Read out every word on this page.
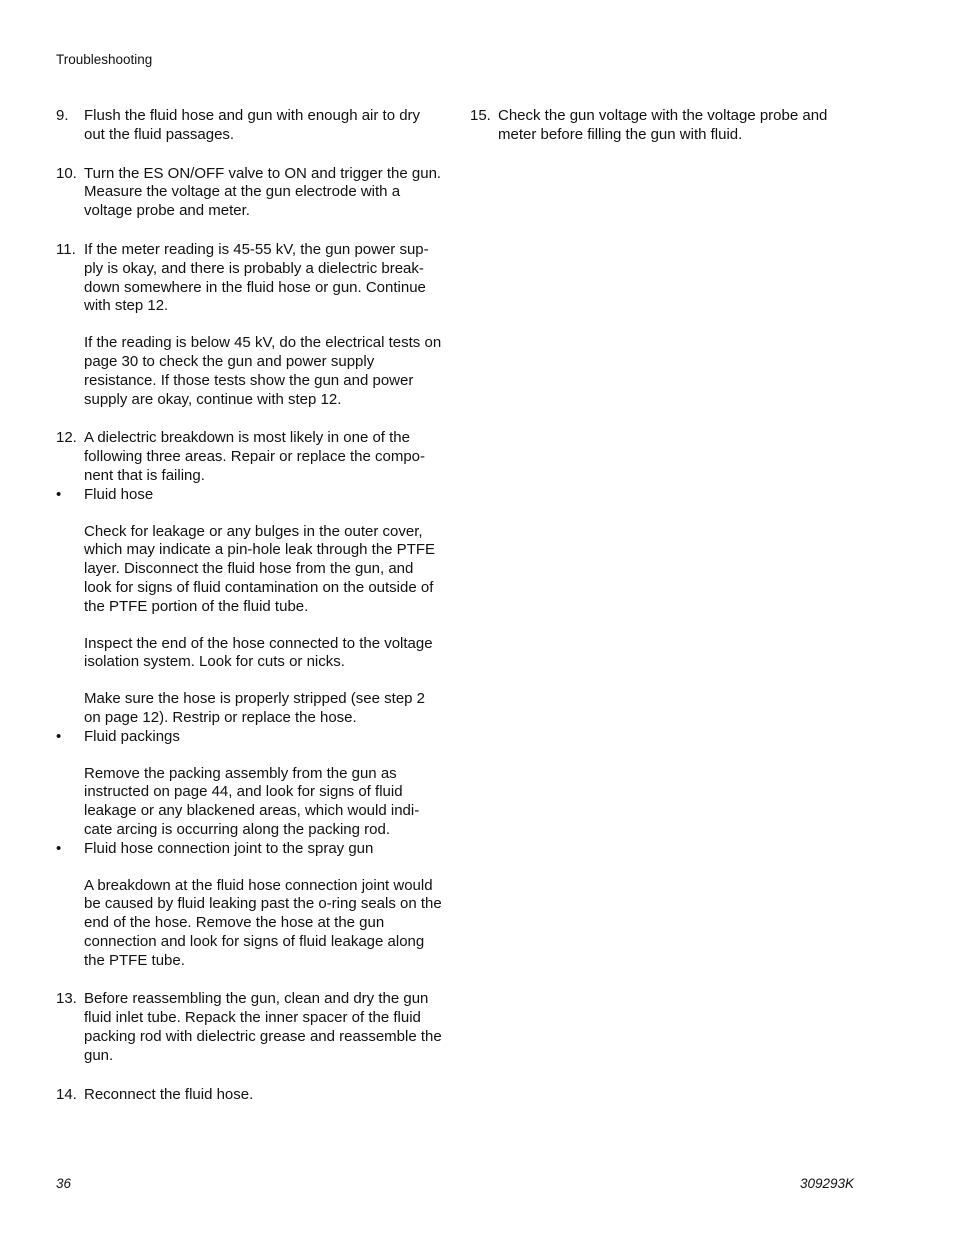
Troubleshooting
9. Flush the fluid hose and gun with enough air to dry out the fluid passages.

10. Turn the ES ON/OFF valve to ON and trigger the gun. Measure the voltage at the gun electrode with a voltage probe and meter.

11. If the meter reading is 45-55 kV, the gun power supply is okay, and there is probably a dielectric breakdown somewhere in the fluid hose or gun. Continue with step 12.

If the reading is below 45 kV, do the electrical tests on page 30 to check the gun and power supply resistance. If those tests show the gun and power supply are okay, continue with step 12.

12. A dielectric breakdown is most likely in one of the following three areas. Repair or replace the component that is failing.

• Fluid hose

Check for leakage or any bulges in the outer cover, which may indicate a pin-hole leak through the PTFE layer. Disconnect the fluid hose from the gun, and look for signs of fluid contamination on the outside of the PTFE portion of the fluid tube.

Inspect the end of the hose connected to the voltage isolation system. Look for cuts or nicks.

Make sure the hose is properly stripped (see step 2 on page 12). Restrip or replace the hose.

• Fluid packings

Remove the packing assembly from the gun as instructed on page 44, and look for signs of fluid leakage or any blackened areas, which would indicate arcing is occurring along the packing rod.

• Fluid hose connection joint to the spray gun

A breakdown at the fluid hose connection joint would be caused by fluid leaking past the o-ring seals on the end of the hose. Remove the hose at the gun connection and look for signs of fluid leakage along the PTFE tube.

13. Before reassembling the gun, clean and dry the gun fluid inlet tube. Repack the inner spacer of the fluid packing rod with dielectric grease and reassemble the gun.

14. Reconnect the fluid hose.

15. Check the gun voltage with the voltage probe and meter before filling the gun with fluid.

36	309293K
